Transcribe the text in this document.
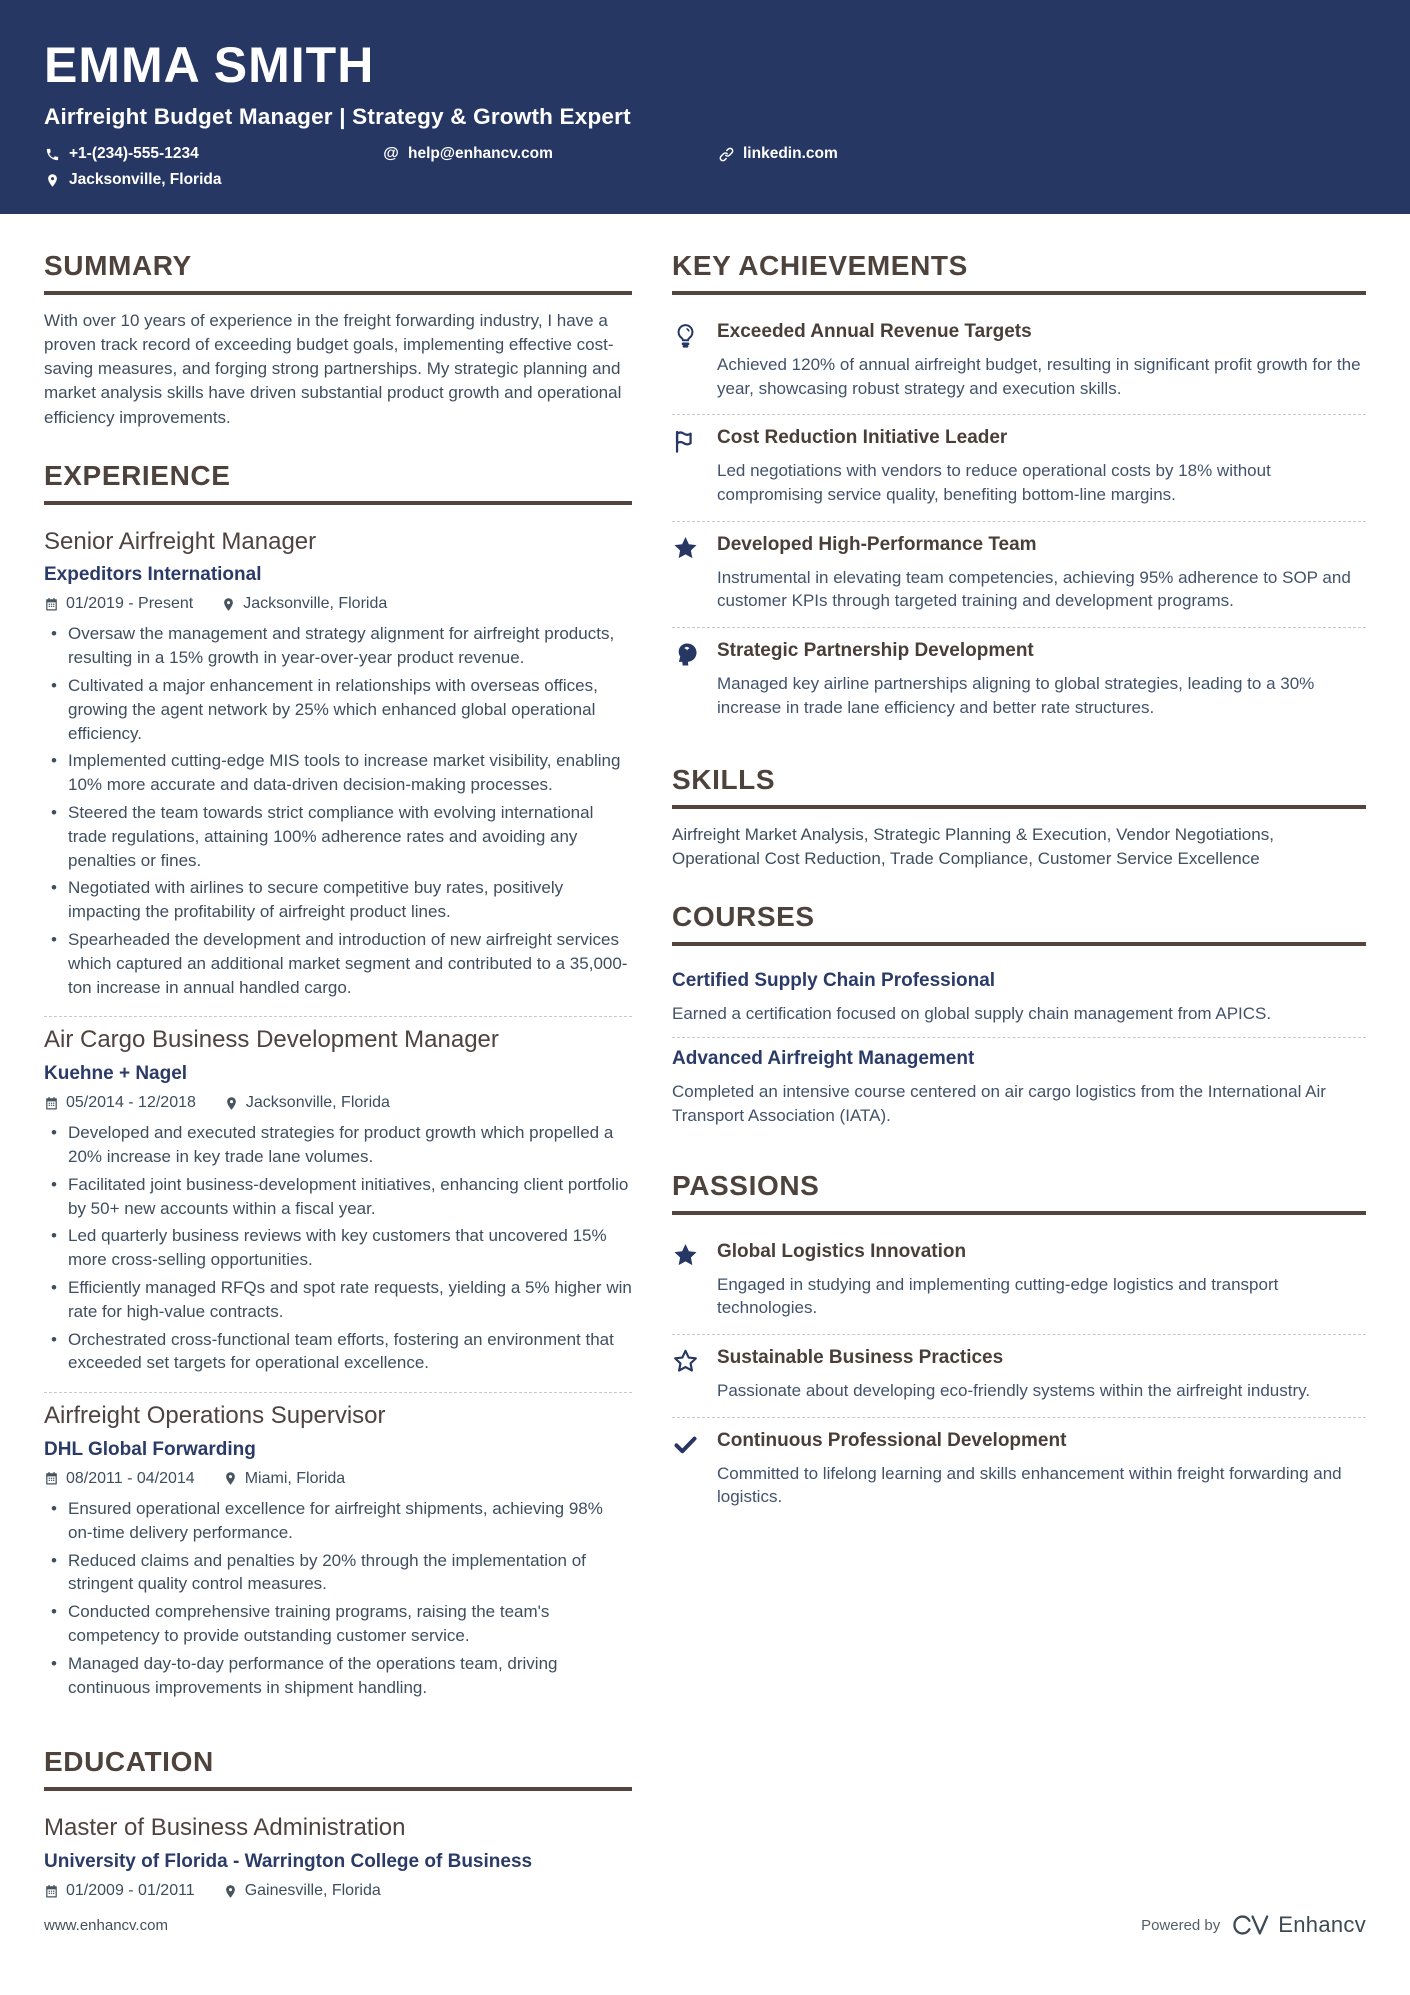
EMMA SMITH
Airfreight Budget Manager | Strategy & Growth Expert
+1-(234)-555-1234	@ help@enhancv.com	linkedin.com
Jacksonville, Florida
SUMMARY
With over 10 years of experience in the freight forwarding industry, I have a proven track record of exceeding budget goals, implementing effective cost-saving measures, and forging strong partnerships. My strategic planning and market analysis skills have driven substantial product growth and operational efficiency improvements.
EXPERIENCE
Senior Airfreight Manager
Expeditors International
01/2019 - Present	Jacksonville, Florida
• Oversaw the management and strategy alignment for airfreight products, resulting in a 15% growth in year-over-year product revenue.
• Cultivated a major enhancement in relationships with overseas offices, growing the agent network by 25% which enhanced global operational efficiency.
• Implemented cutting-edge MIS tools to increase market visibility, enabling 10% more accurate and data-driven decision-making processes.
• Steered the team towards strict compliance with evolving international trade regulations, attaining 100% adherence rates and avoiding any penalties or fines.
• Negotiated with airlines to secure competitive buy rates, positively impacting the profitability of airfreight product lines.
• Spearheaded the development and introduction of new airfreight services which captured an additional market segment and contributed to a 35,000-ton increase in annual handled cargo.
Air Cargo Business Development Manager
Kuehne + Nagel
05/2014 - 12/2018	Jacksonville, Florida
• Developed and executed strategies for product growth which propelled a 20% increase in key trade lane volumes.
• Facilitated joint business-development initiatives, enhancing client portfolio by 50+ new accounts within a fiscal year.
• Led quarterly business reviews with key customers that uncovered 15% more cross-selling opportunities.
• Efficiently managed RFQs and spot rate requests, yielding a 5% higher win rate for high-value contracts.
• Orchestrated cross-functional team efforts, fostering an environment that exceeded set targets for operational excellence.
Airfreight Operations Supervisor
DHL Global Forwarding
08/2011 - 04/2014	Miami, Florida
• Ensured operational excellence for airfreight shipments, achieving 98% on-time delivery performance.
• Reduced claims and penalties by 20% through the implementation of stringent quality control measures.
• Conducted comprehensive training programs, raising the team's competency to provide outstanding customer service.
• Managed day-to-day performance of the operations team, driving continuous improvements in shipment handling.
EDUCATION
Master of Business Administration
University of Florida - Warrington College of Business
01/2009 - 01/2011	Gainesville, Florida
KEY ACHIEVEMENTS
Exceeded Annual Revenue Targets
Achieved 120% of annual airfreight budget, resulting in significant profit growth for the year, showcasing robust strategy and execution skills.
Cost Reduction Initiative Leader
Led negotiations with vendors to reduce operational costs by 18% without compromising service quality, benefiting bottom-line margins.
Developed High-Performance Team
Instrumental in elevating team competencies, achieving 95% adherence to SOP and customer KPIs through targeted training and development programs.
Strategic Partnership Development
Managed key airline partnerships aligning to global strategies, leading to a 30% increase in trade lane efficiency and better rate structures.
SKILLS
Airfreight Market Analysis, Strategic Planning & Execution, Vendor Negotiations, Operational Cost Reduction, Trade Compliance, Customer Service Excellence
COURSES
Certified Supply Chain Professional
Earned a certification focused on global supply chain management from APICS.
Advanced Airfreight Management
Completed an intensive course centered on air cargo logistics from the International Air Transport Association (IATA).
PASSIONS
Global Logistics Innovation
Engaged in studying and implementing cutting-edge logistics and transport technologies.
Sustainable Business Practices
Passionate about developing eco-friendly systems within the airfreight industry.
Continuous Professional Development
Committed to lifelong learning and skills enhancement within freight forwarding and logistics.
www.enhancv.com	Powered by	Enhancv
